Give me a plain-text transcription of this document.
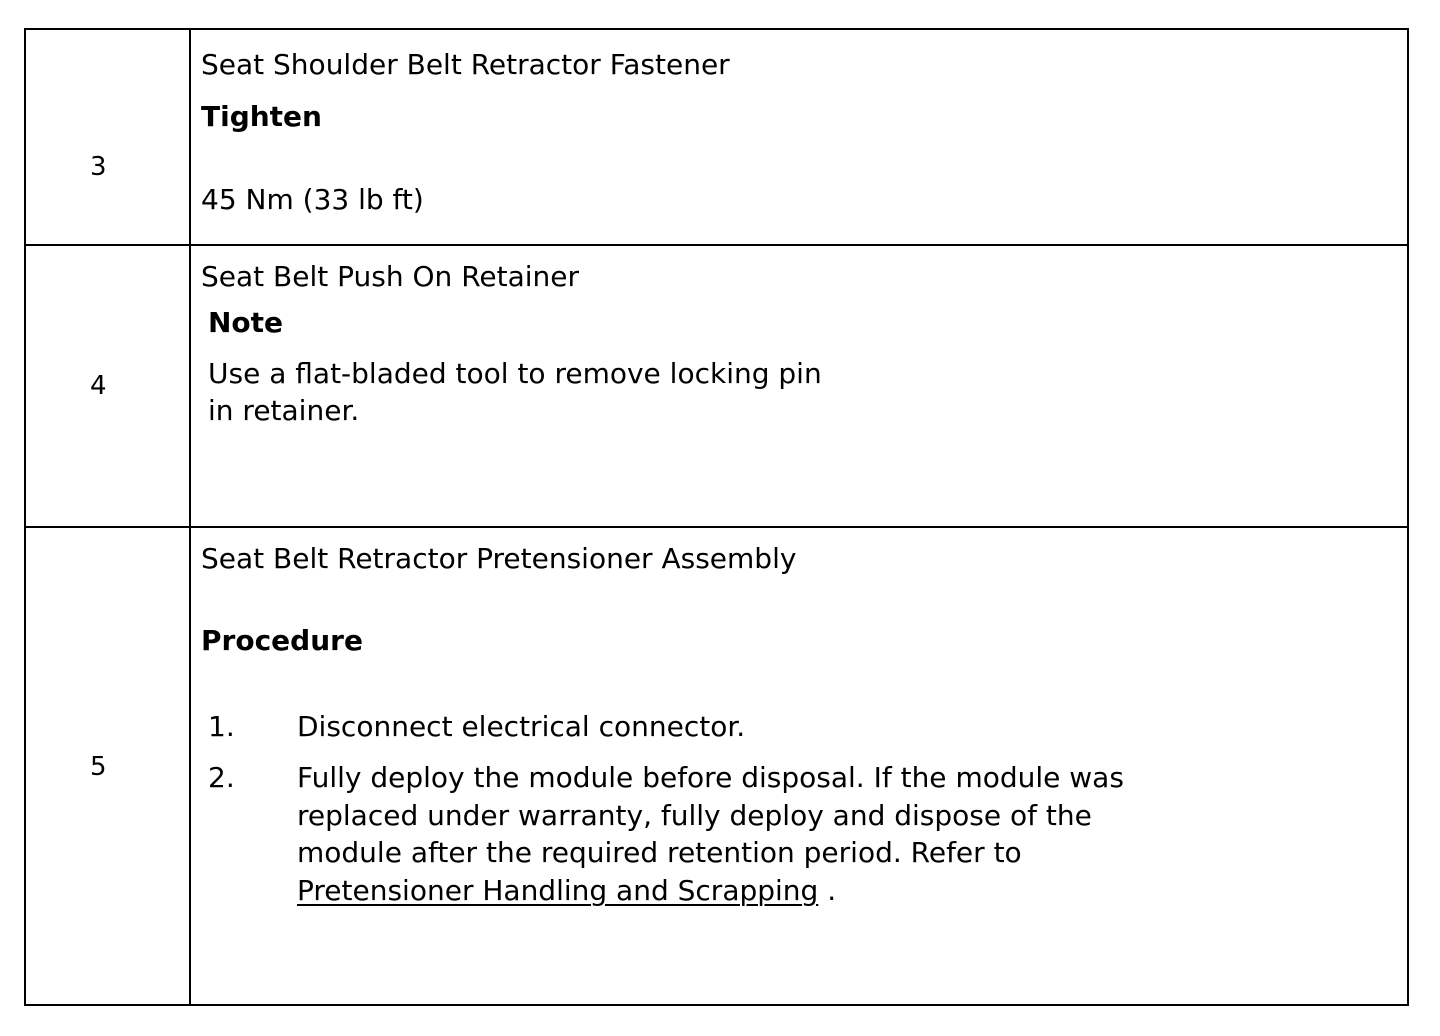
3
Seat Shoulder Belt Retractor Fastener
Tighten
45 Nm (33 lb ft)
4
Seat Belt Push On Retainer
Note
Use a flat-bladed tool to remove locking pin
in retainer.
5
Seat Belt Retractor Pretensioner Assembly
Procedure
1. Disconnect electrical connector.
2. Fully deploy the module before disposal. If the module was
replaced under warranty, fully deploy and dispose of the
module after the required retention period. Refer to
Pretensioner Handling and Scrapping .
